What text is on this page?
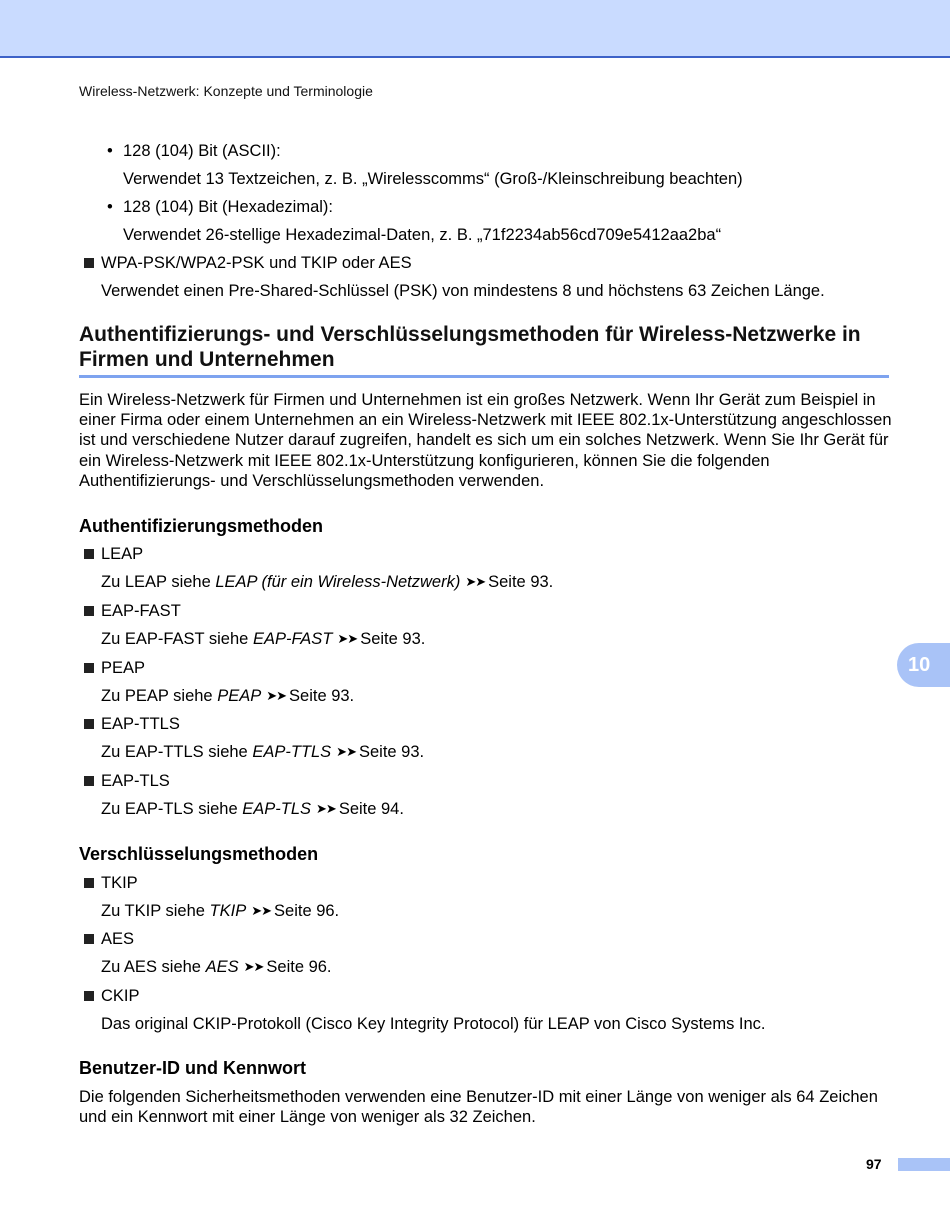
Wireless-Netzwerk: Konzepte und Terminologie
• 128 (104) Bit (ASCII):
Verwendet 13 Textzeichen, z. B. „Wirelesscomms“ (Groß-/Kleinschreibung beachten)
• 128 (104) Bit (Hexadezimal):
Verwendet 26-stellige Hexadezimal-Daten, z. B. „71f2234ab56cd709e5412aa2ba“
WPA-PSK/WPA2-PSK und TKIP oder AES
Verwendet einen Pre-Shared-Schlüssel (PSK) von mindestens 8 und höchstens 63 Zeichen Länge.
Authentifizierungs- und Verschlüsselungsmethoden für Wireless-Netzwerke in Firmen und Unternehmen

Ein Wireless-Netzwerk für Firmen und Unternehmen ist ein großes Netzwerk. Wenn Ihr Gerät zum Beispiel in einer Firma oder einem Unternehmen an ein Wireless-Netzwerk mit IEEE 802.1x-Unterstützung angeschlossen ist und verschiedene Nutzer darauf zugreifen, handelt es sich um ein solches Netzwerk. Wenn Sie Ihr Gerät für ein Wireless-Netzwerk mit IEEE 802.1x-Unterstützung konfigurieren, können Sie die folgenden Authentifizierungs- und Verschlüsselungsmethoden verwenden.

Authentifizierungsmethoden
LEAP
Zu LEAP siehe LEAP (für ein Wireless-Netzwerk) ➤➤ Seite 93.
EAP-FAST
Zu EAP-FAST siehe EAP-FAST ➤➤ Seite 93.
PEAP
Zu PEAP siehe PEAP ➤➤ Seite 93.
EAP-TTLS
Zu EAP-TTLS siehe EAP-TTLS ➤➤ Seite 93.
EAP-TLS
Zu EAP-TLS siehe EAP-TLS ➤➤ Seite 94.
Verschlüsselungsmethoden
TKIP
Zu TKIP siehe TKIP ➤➤ Seite 96.
AES
Zu AES siehe AES ➤➤ Seite 96.
CKIP
Das original CKIP-Protokoll (Cisco Key Integrity Protocol) für LEAP von Cisco Systems Inc.
Benutzer-ID und Kennwort

Die folgenden Sicherheitsmethoden verwenden eine Benutzer-ID mit einer Länge von weniger als 64 Zeichen und ein Kennwort mit einer Länge von weniger als 32 Zeichen.

10
97
